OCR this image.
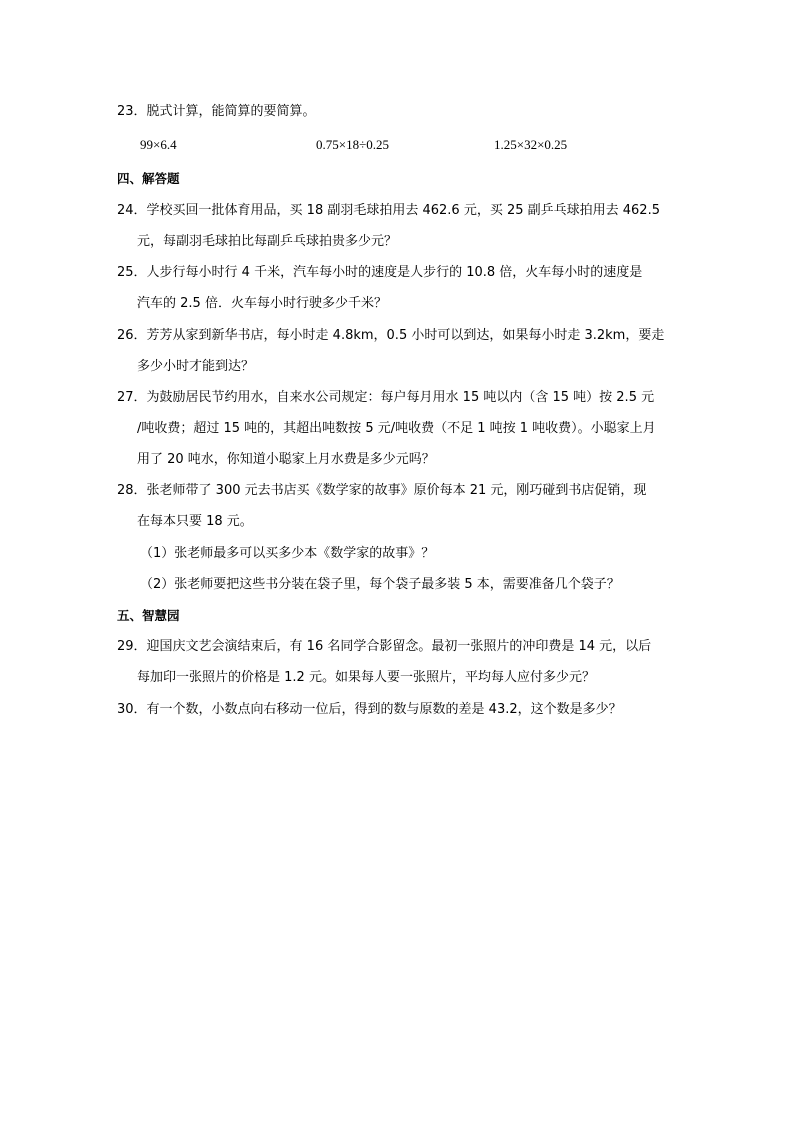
23．脱式计算，能简算的要简算。
99×6.4	0.75×18÷0.25	1.25×32×0.25
四、解答题
24．学校买回一批体育用品，买 18 副羽毛球拍用去 462.6 元，买 25 副乒乓球拍用去 462.5
元，每副羽毛球拍比每副乒乓球拍贵多少元？
25．人步行每小时行 4 千米，汽车每小时的速度是人步行的 10.8 倍，火车每小时的速度是
汽车的 2.5 倍．火车每小时行驶多少千米？
26．芳芳从家到新华书店，每小时走 4.8km，0.5 小时可以到达，如果每小时走 3.2km，要走
多少小时才能到达？
27．为鼓励居民节约用水，自来水公司规定：每户每月用水 15 吨以内（含 15 吨）按 2.5 元
/吨收费；超过 15 吨的，其超出吨数按 5 元/吨收费（不足 1 吨按 1 吨收费）。小聪家上月
用了 20 吨水，你知道小聪家上月水费是多少元吗？
28．张老师带了 300 元去书店买《数学家的故事》原价每本 21 元，刚巧碰到书店促销，现
在每本只要 18 元。
（1）张老师最多可以买多少本《数学家的故事》？
（2）张老师要把这些书分装在袋子里，每个袋子最多装 5 本，需要准备几个袋子？
五、智慧园
29．迎国庆文艺会演结束后，有 16 名同学合影留念。最初一张照片的冲印费是 14 元，以后
每加印一张照片的价格是 1.2 元。如果每人要一张照片，平均每人应付多少元？
30．有一个数，小数点向右移动一位后，得到的数与原数的差是 43.2，这个数是多少？
